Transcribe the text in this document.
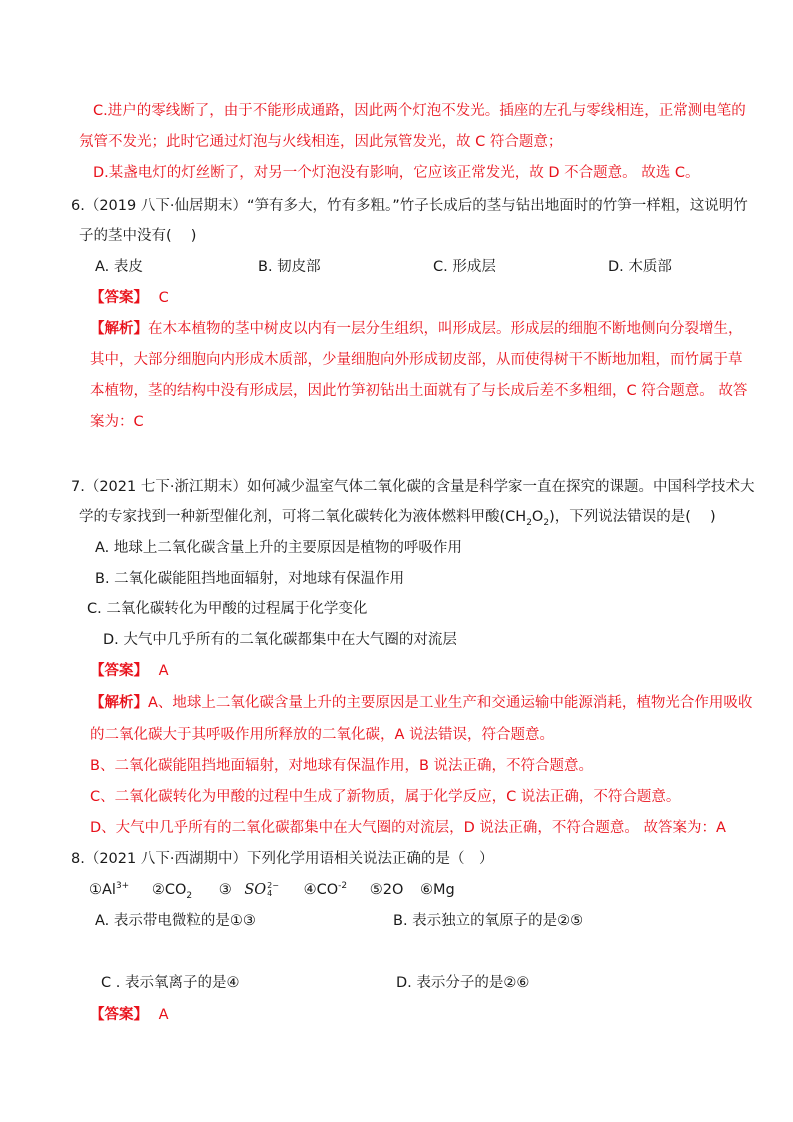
C.进户的零线断了，由于不能形成通路，因此两个灯泡不发光。插座的左孔与零线相连，正常测电笔的
氖管不发光；此时它通过灯泡与火线相连，因此氖管发光，故 C 符合题意；
D.某盏电灯的灯丝断了，对另一个灯泡没有影响，它应该正常发光，故 D 不合题意。 故选 C。
6.（2019 八下·仙居期末）“笋有多大，竹有多粗。”竹子长成后的茎与钻出地面时的竹笋一样粗，这说明竹
子的茎中没有(　 )
A. 表皮	B. 韧皮部	C. 形成层	D. 木质部
【答案】 C
【解析】在木本植物的茎中树皮以内有一层分生组织，叫形成层。形成层的细胞不断地侧向分裂增生，
其中，大部分细胞向内形成木质部，少量细胞向外形成韧皮部，从而使得树干不断地加粗，而竹属于草
本植物，茎的结构中没有形成层，因此竹笋初钻出土面就有了与长成后差不多粗细，C 符合题意。 故答
案为：C
7.（2021 七下·浙江期末）如何减少温室气体二氧化碳的含量是科学家一直在探究的课题。中国科学技术大
学的专家找到一种新型催化剂，可将二氧化碳转化为液体燃料甲酸$(CH_2O_2)$，下列说法错误的是(　 )
A. 地球上二氧化碳含量上升的主要原因是植物的呼吸作用
B. 二氧化碳能阻挡地面辐射，对地球有保温作用
C. 二氧化碳转化为甲酸的过程属于化学变化
D. 大气中几乎所有的二氧化碳都集中在大气圈的对流层
【答案】 A
【解析】A、地球上二氧化碳含量上升的主要原因是工业生产和交通运输中能源消耗，植物光合作用吸收
的二氧化碳大于其呼吸作用所释放的二氧化碳，A 说法错误，符合题意。
B、二氧化碳能阻挡地面辐射，对地球有保温作用，B 说法正确，不符合题意。
C、二氧化碳转化为甲酸的过程中生成了新物质，属于化学反应，C 说法正确，不符合题意。
D、大气中几乎所有的二氧化碳都集中在大气圈的对流层，D 说法正确，不符合题意。 故答案为：A
8.（2021 八下·西湖期中）下列化学用语相关说法正确的是（　）
$①Al^{3+}$ $②CO_2$ ③ SO 2−
4	$④CO^{-2}$ ⑤2O ⑥Mg
A. 表示带电微粒的是①③	B. 表示独立的氧原子的是②⑤
C . 表示氧离子的是④	D. 表示分子的是②⑥
【答案】 A
